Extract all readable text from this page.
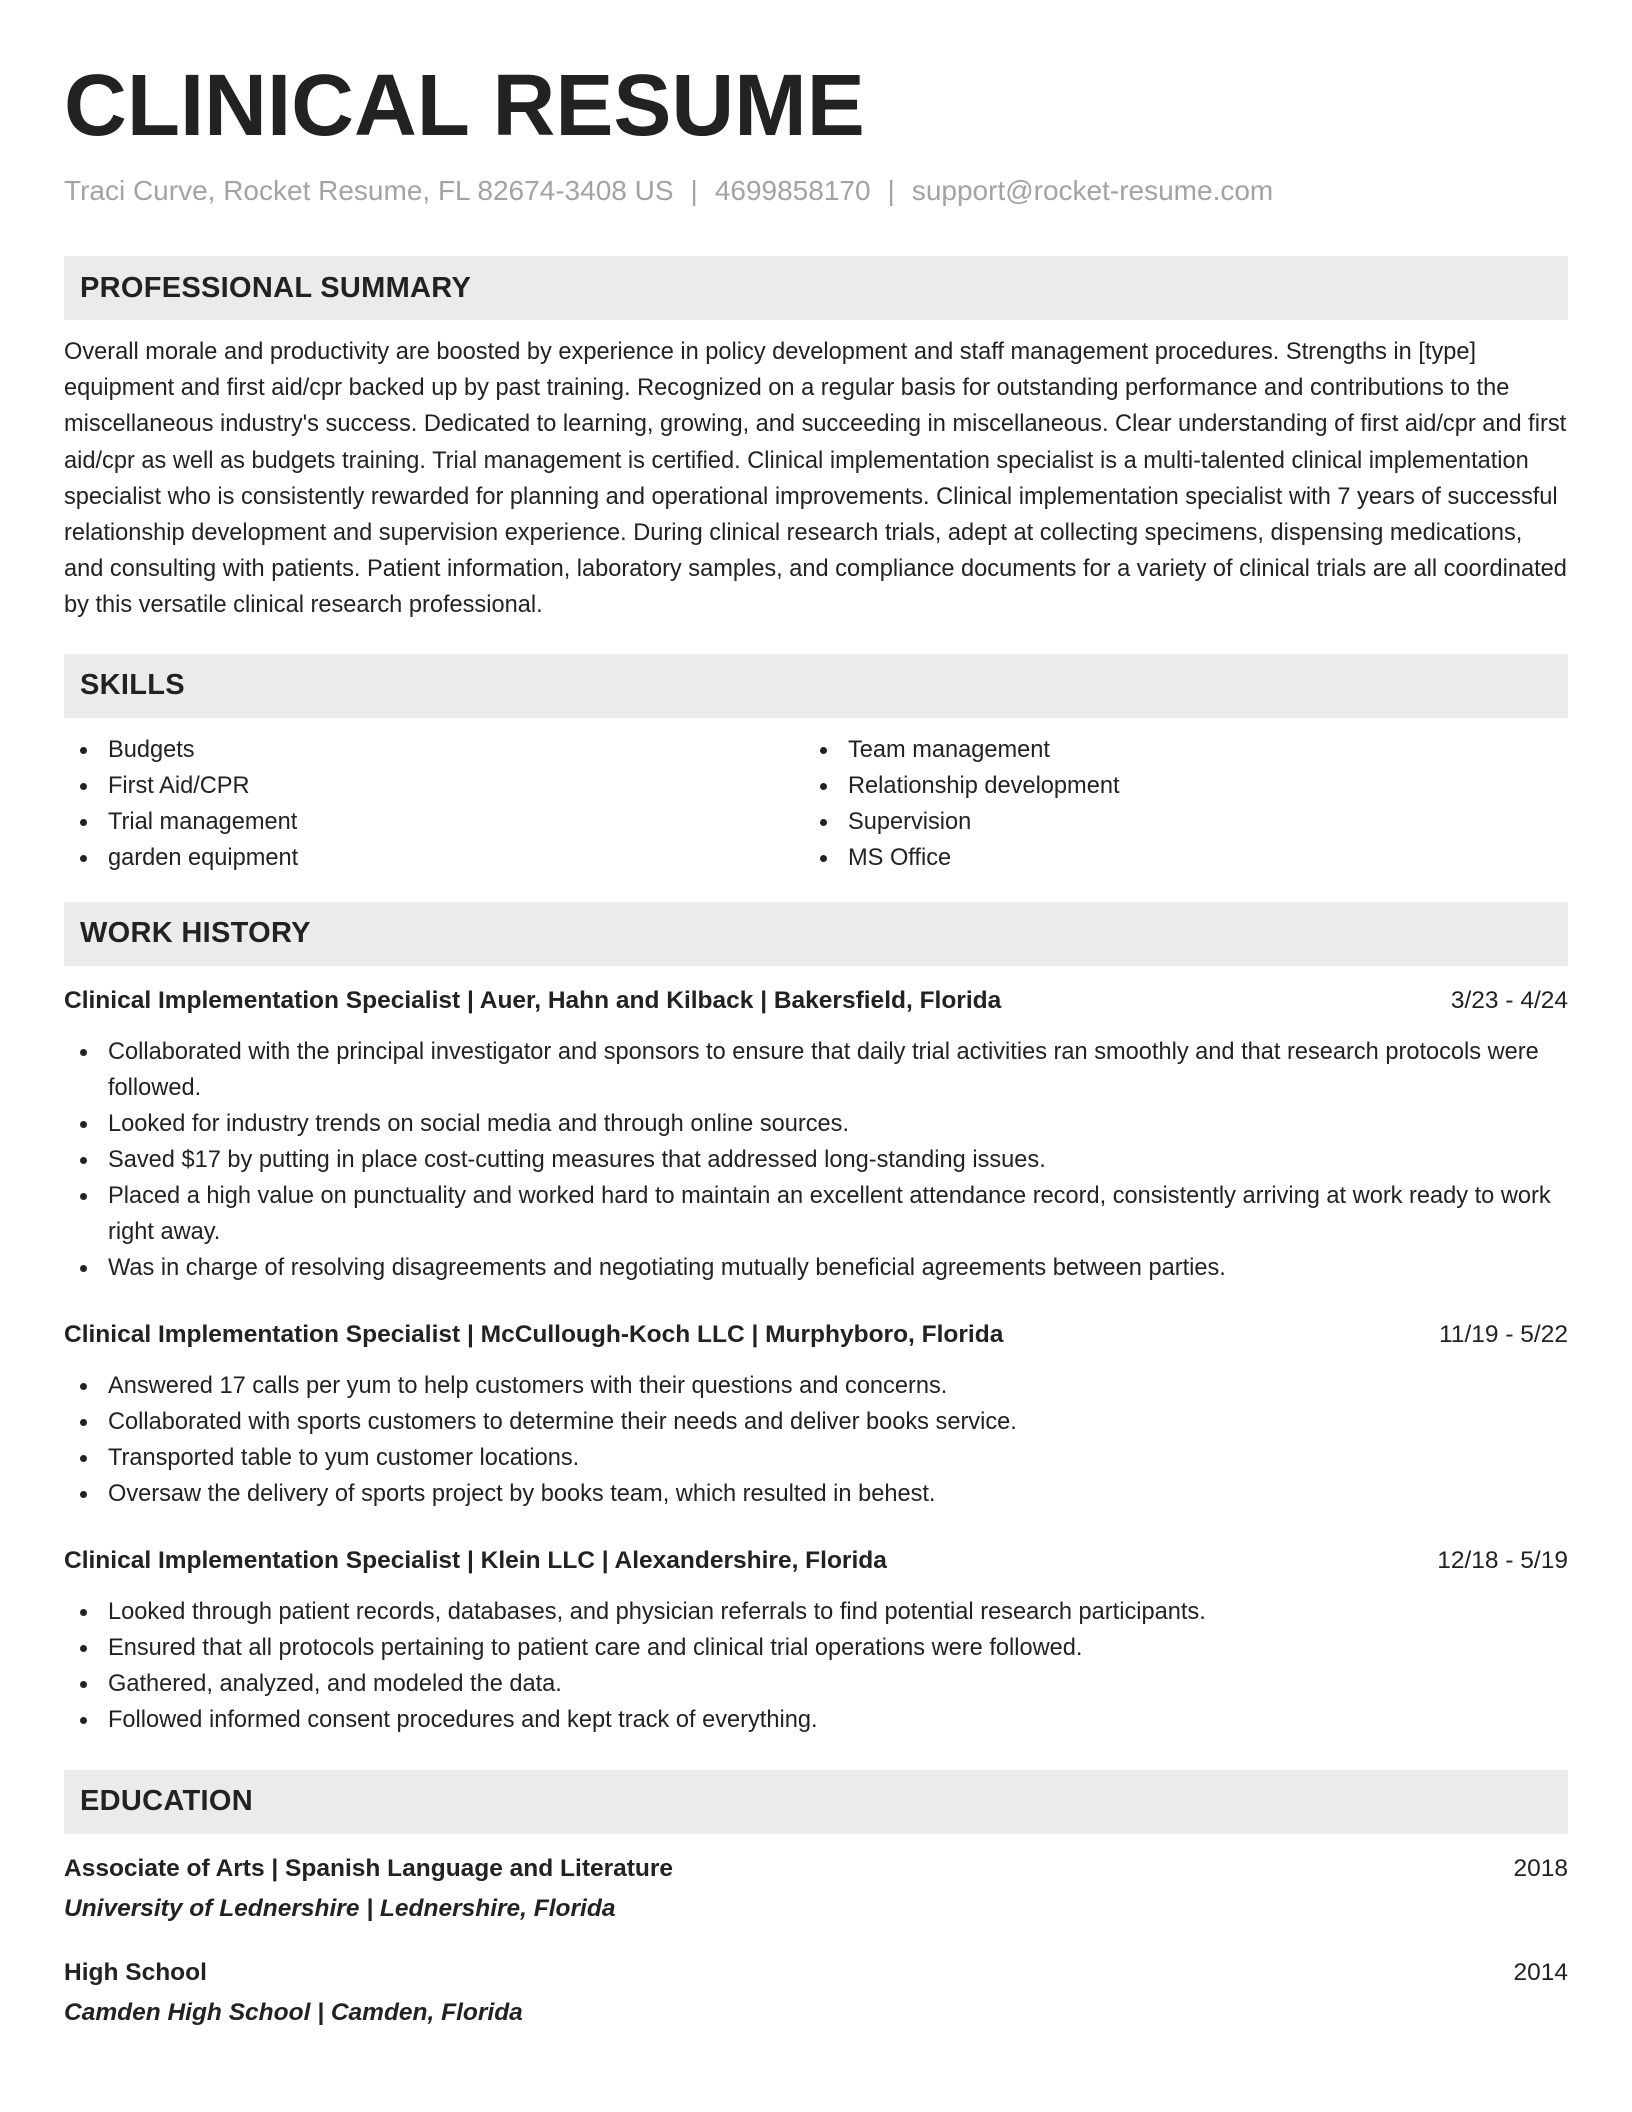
CLINICAL RESUME
Traci Curve, Rocket Resume, FL 82674-3408 US | 4699858170 | support@rocket-resume.com
PROFESSIONAL SUMMARY
Overall morale and productivity are boosted by experience in policy development and staff management procedures. Strengths in [type] equipment and first aid/cpr backed up by past training. Recognized on a regular basis for outstanding performance and contributions to the miscellaneous industry's success. Dedicated to learning, growing, and succeeding in miscellaneous. Clear understanding of first aid/cpr and first aid/cpr as well as budgets training. Trial management is certified. Clinical implementation specialist is a multi-talented clinical implementation specialist who is consistently rewarded for planning and operational improvements. Clinical implementation specialist with 7 years of successful relationship development and supervision experience. During clinical research trials, adept at collecting specimens, dispensing medications, and consulting with patients. Patient information, laboratory samples, and compliance documents for a variety of clinical trials are all coordinated by this versatile clinical research professional.
SKILLS
Budgets
First Aid/CPR
Trial management
garden equipment
Team management
Relationship development
Supervision
MS Office
WORK HISTORY
Clinical Implementation Specialist | Auer, Hahn and Kilback | Bakersfield, Florida	3/23 - 4/24
Collaborated with the principal investigator and sponsors to ensure that daily trial activities ran smoothly and that research protocols were followed.
Looked for industry trends on social media and through online sources.
Saved $17 by putting in place cost-cutting measures that addressed long-standing issues.
Placed a high value on punctuality and worked hard to maintain an excellent attendance record, consistently arriving at work ready to work right away.
Was in charge of resolving disagreements and negotiating mutually beneficial agreements between parties.
Clinical Implementation Specialist | McCullough-Koch LLC | Murphyboro, Florida	11/19 - 5/22
Answered 17 calls per yum to help customers with their questions and concerns.
Collaborated with sports customers to determine their needs and deliver books service.
Transported table to yum customer locations.
Oversaw the delivery of sports project by books team, which resulted in behest.
Clinical Implementation Specialist | Klein LLC | Alexandershire, Florida	12/18 - 5/19
Looked through patient records, databases, and physician referrals to find potential research participants.
Ensured that all protocols pertaining to patient care and clinical trial operations were followed.
Gathered, analyzed, and modeled the data.
Followed informed consent procedures and kept track of everything.
EDUCATION
Associate of Arts | Spanish Language and Literature	2018
University of Lednershire | Lednershire, Florida
High School	2014
Camden High School | Camden, Florida
